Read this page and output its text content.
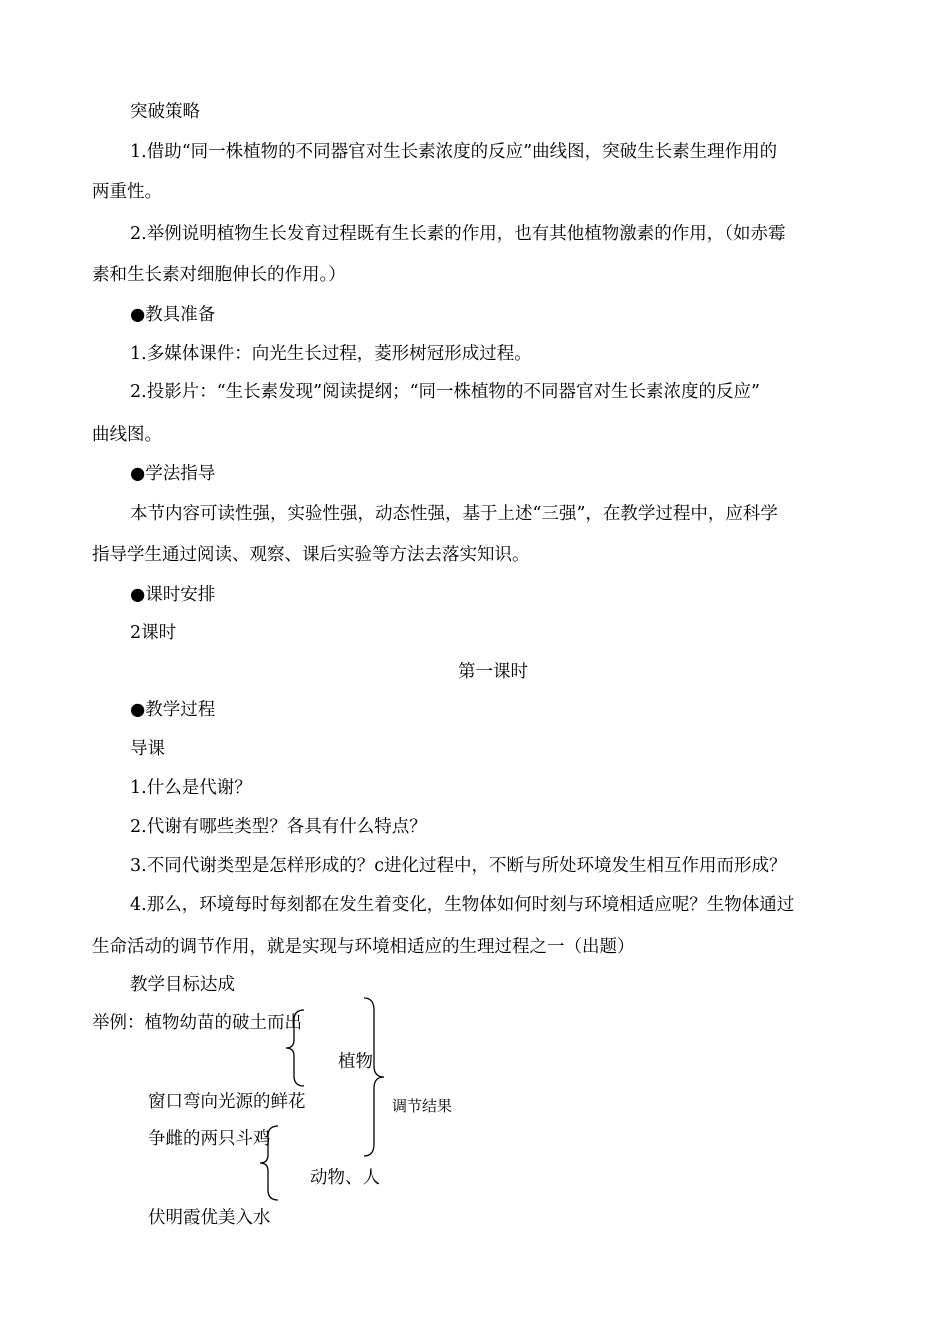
突破策略
1.借助“同一株植物的不同器官对生长素浓度的反应”曲线图，突破生长素生理作用的
两重性。
2.举例说明植物生长发育过程既有生长素的作用，也有其他植物激素的作用，（如赤霉
素和生长素对细胞伸长的作用。）
●教具准备
1.多媒体课件：向光生长过程，菱形树冠形成过程。
2.投影片：“生长素发现”阅读提纲；“同一株植物的不同器官对生长素浓度的反应”
曲线图。
●学法指导
本节内容可读性强，实验性强，动态性强，基于上述“三强”，在教学过程中，应科学
指导学生通过阅读、观察、课后实验等方法去落实知识。
●课时安排
2课时
第一课时
●教学过程
导课
1.什么是代谢？
2.代谢有哪些类型？各具有什么特点？
3.不同代谢类型是怎样形成的？c进化过程中，不断与所处环境发生相互作用而形成？
4.那么，环境每时每刻都在发生着变化，生物体如何时刻与环境相适应呢？生物体通过
生命活动的调节作用，就是实现与环境相适应的生理过程之一（出题）
教学目标达成
举例：植物幼苗的破土而出
窗口弯向光源的鲜花
争雌的两只斗鸡
伏明霞优美入水
植物
动物、人
调节结果
